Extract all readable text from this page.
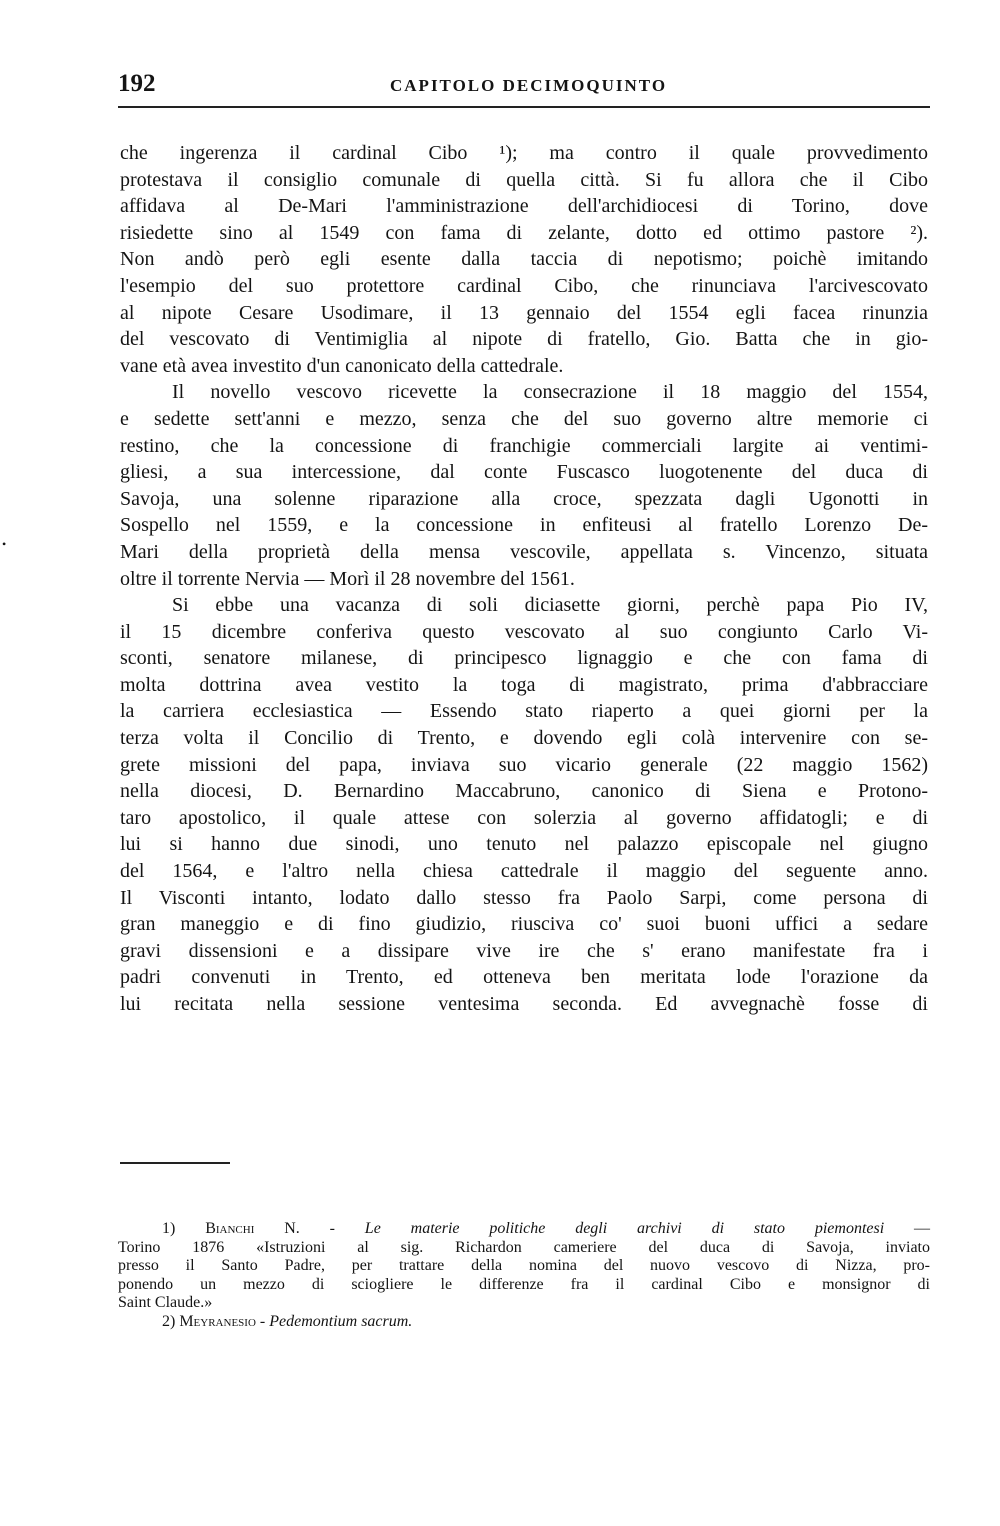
192	CAPITOLO DECIMOQUINTO
•
che ingerenza il cardinal Cibo ¹); ma contro il quale provvedimento
protestava il consiglio comunale di quella città. Si fu allora che il Cibo
affidava al De-Mari l'amministrazione dell'archidiocesi di Torino, dove
risiedette sino al 1549 con fama di zelante, dotto ed ottimo pastore ²).
Non andò però egli esente dalla taccia di nepotismo; poichè imitando
l'esempio del suo protettore cardinal Cibo, che rinunciava l'arcivescovato
al nipote Cesare Usodimare, il 13 gennaio del 1554 egli facea rinunzia
del vescovato di Ventimiglia al nipote di fratello, Gio. Batta che in gio-
vane età avea investito d'un canonicato della cattedrale.
Il novello vescovo ricevette la consecrazione il 18 maggio del 1554,
e sedette sett'anni e mezzo, senza che del suo governo altre memorie ci
restino, che la concessione di franchigie commerciali largite ai ventimi-
gliesi, a sua intercessione, dal conte Fuscasco luogotenente del duca di
Savoja, una solenne riparazione alla croce, spezzata dagli Ugonotti in
Sospello nel 1559, e la concessione in enfiteusi al fratello Lorenzo De-
Mari della proprietà della mensa vescovile, appellata s. Vincenzo, situata
oltre il torrente Nervia — Morì il 28 novembre del 1561.
Si ebbe una vacanza di soli diciasette giorni, perchè papa Pio IV,
il 15 dicembre conferiva questo vescovato al suo congiunto Carlo Vi-
sconti, senatore milanese, di principesco lignaggio e che con fama di
molta dottrina avea vestito la toga di magistrato, prima d'abbracciare
la carriera ecclesiastica — Essendo stato riaperto a quei giorni per la
terza volta il Concilio di Trento, e dovendo egli colà intervenire con se-
grete missioni del papa, inviava suo vicario generale (22 maggio 1562)
nella diocesi, D. Bernardino Maccabruno, canonico di Siena e Protono-
taro apostolico, il quale attese con solerzia al governo affidatogli; e di
lui si hanno due sinodi, uno tenuto nel palazzo episcopale nel giugno
del 1564, e l'altro nella chiesa cattedrale il maggio del seguente anno.
Il Visconti intanto, lodato dallo stesso fra Paolo Sarpi, come persona di
gran maneggio e di fino giudizio, riusciva co' suoi buoni uffici a sedare
gravi dissensioni e a dissipare vive ire che s' erano manifestate fra i
padri convenuti in Trento, ed otteneva ben meritata lode l'orazione da
lui recitata nella sessione ventesima seconda. Ed avvegnachè fosse di
1) Bianchi N. - Le materie politiche degli archivi di stato piemontesi —
Torino 1876 «Istruzioni al sig. Richardon cameriere del duca di Savoja, inviato
presso il Santo Padre, per trattare della nomina del nuovo vescovo di Nizza, pro-
ponendo un mezzo di sciogliere le differenze fra il cardinal Cibo e monsignor di
Saint Claude.»
2) Meyranesio - Pedemontium sacrum.
